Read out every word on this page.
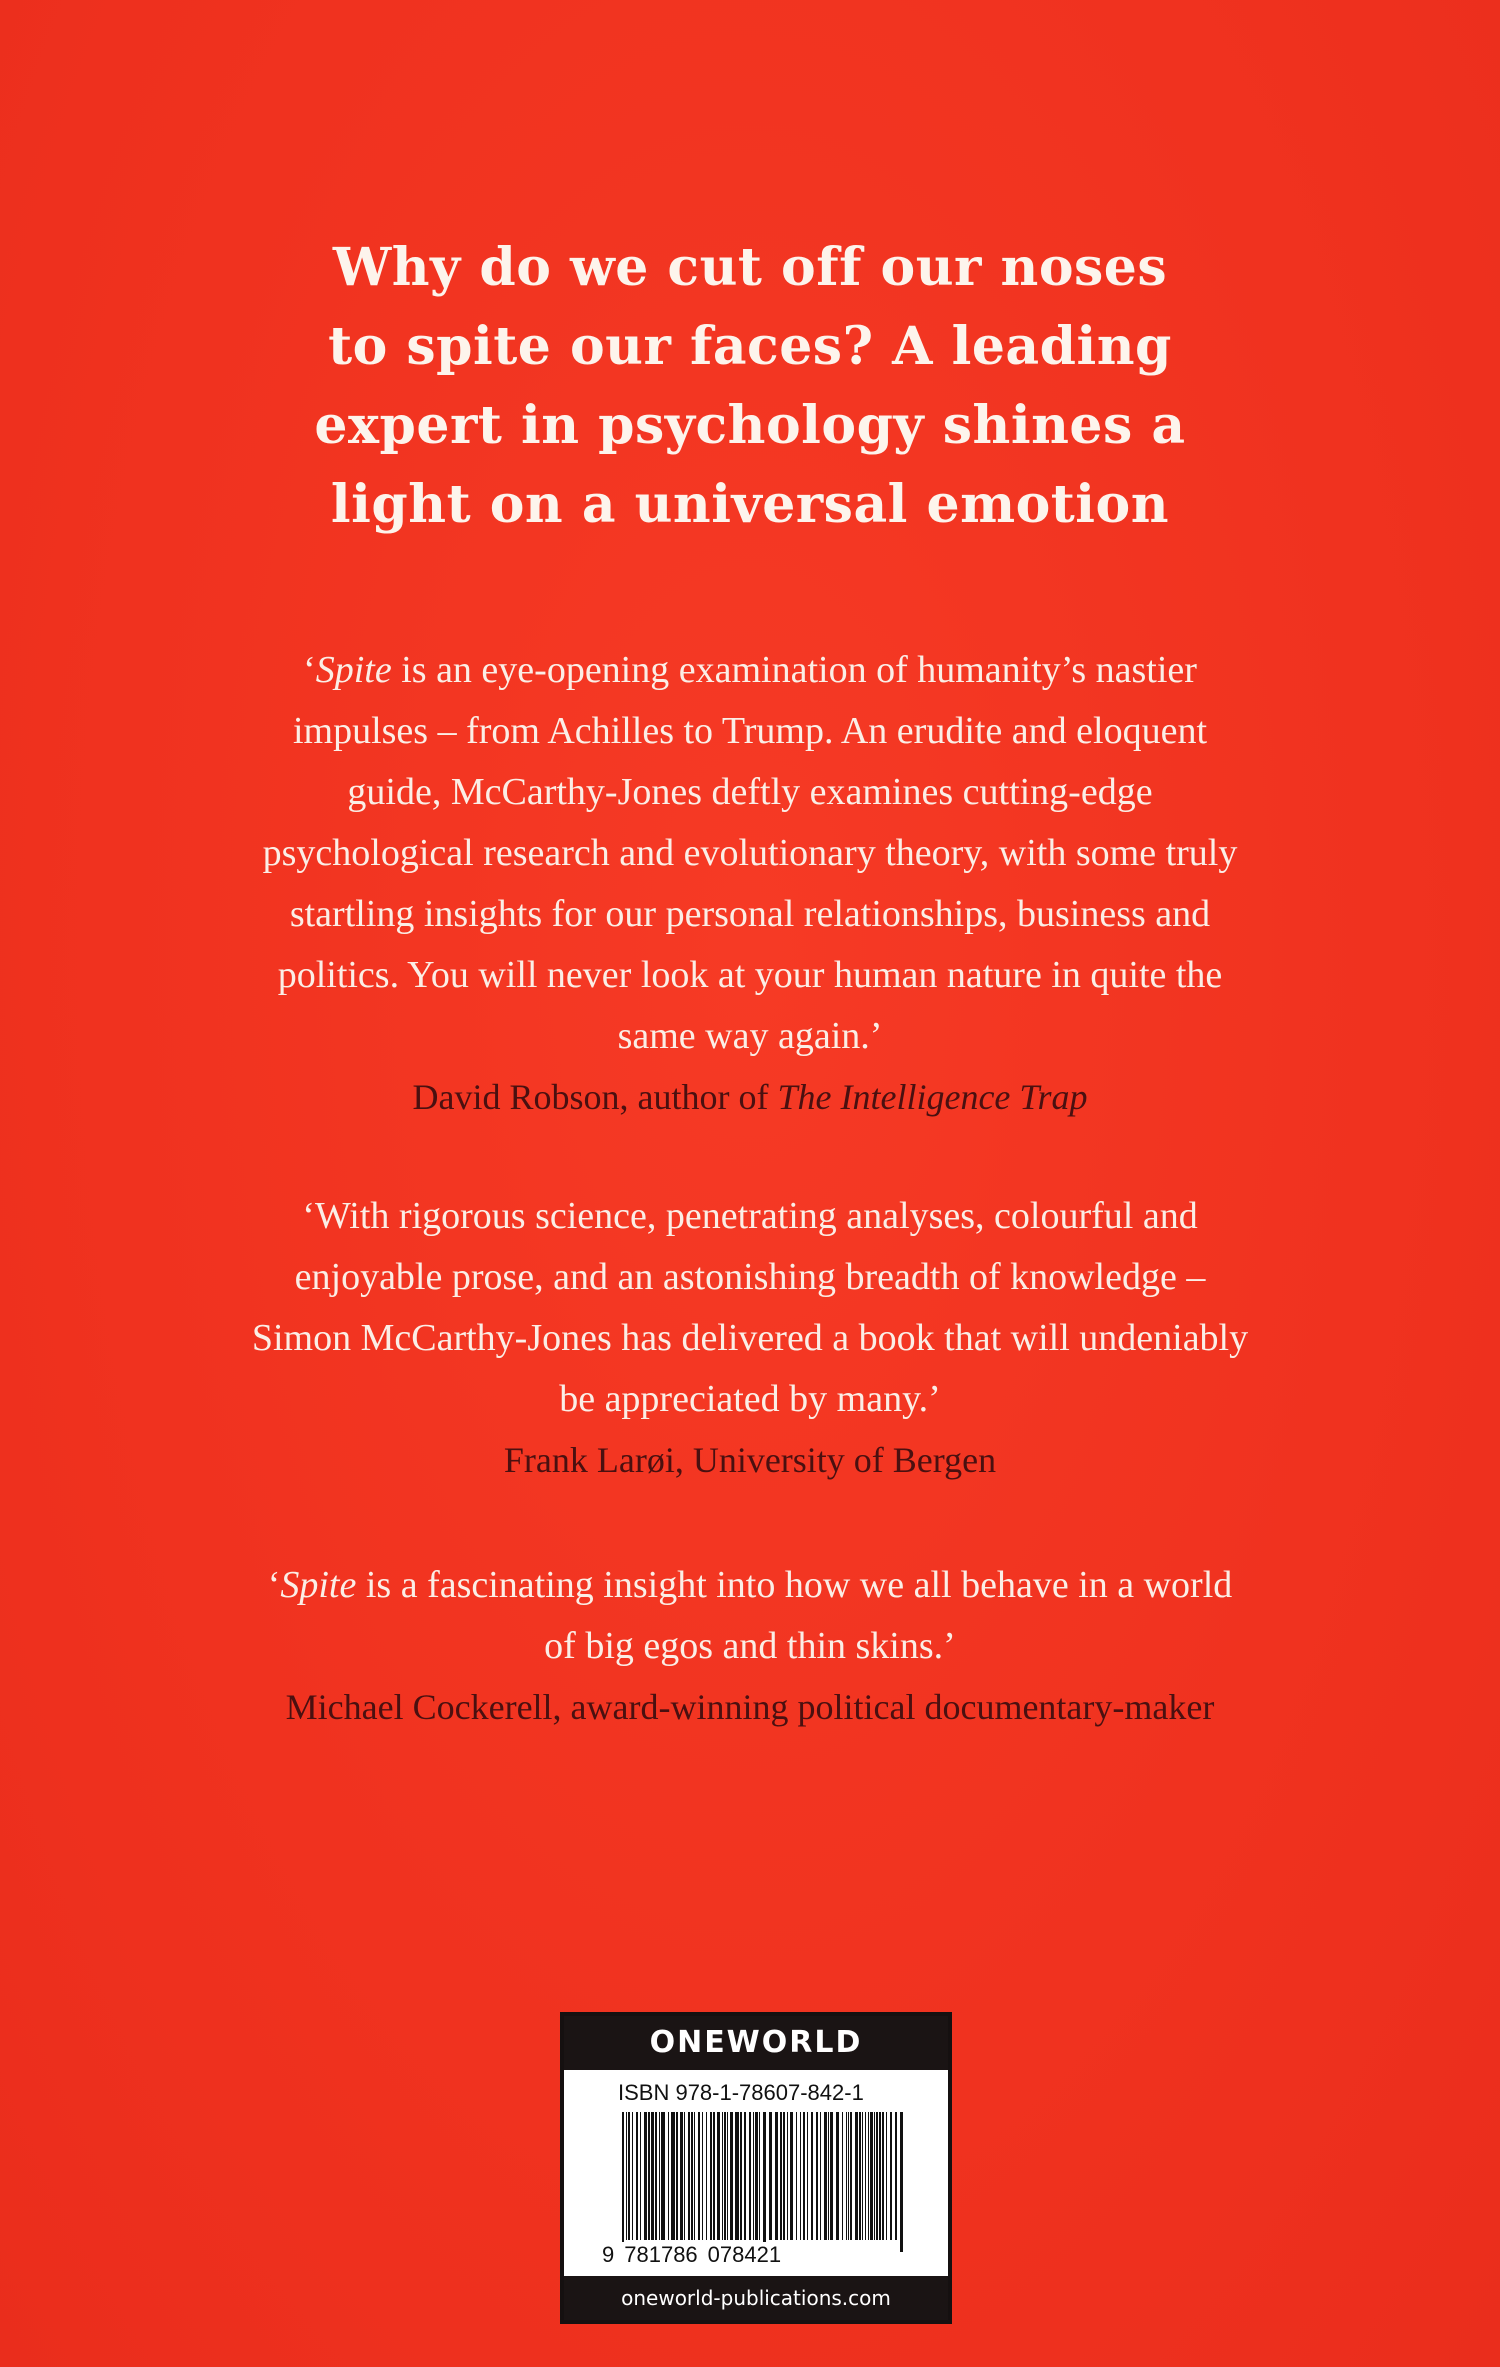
Why do we cut off our noses
to spite our faces? A leading
expert in psychology shines a
light on a universal emotion
‘Spite is an eye-opening examination of humanity’s nastier
impulses – from Achilles to Trump. An erudite and eloquent
guide, McCarthy-Jones deftly examines cutting-edge
psychological research and evolutionary theory, with some truly
startling insights for our personal relationships, business and
politics. You will never look at your human nature in quite the
same way again.’
David Robson, author of The Intelligence Trap
‘With rigorous science, penetrating analyses, colourful and
enjoyable prose, and an astonishing breadth of knowledge –
Simon McCarthy-Jones has delivered a book that will undeniably
be appreciated by many.’
Frank Larøi, University of Bergen
‘Spite is a fascinating insight into how we all behave in a world
of big egos and thin skins.’
Michael Cockerell, award-winning political documentary-maker
ONEWORLD
ISBN 978-1-78607-842-1
9 781786 078421
oneworld-publications.com
